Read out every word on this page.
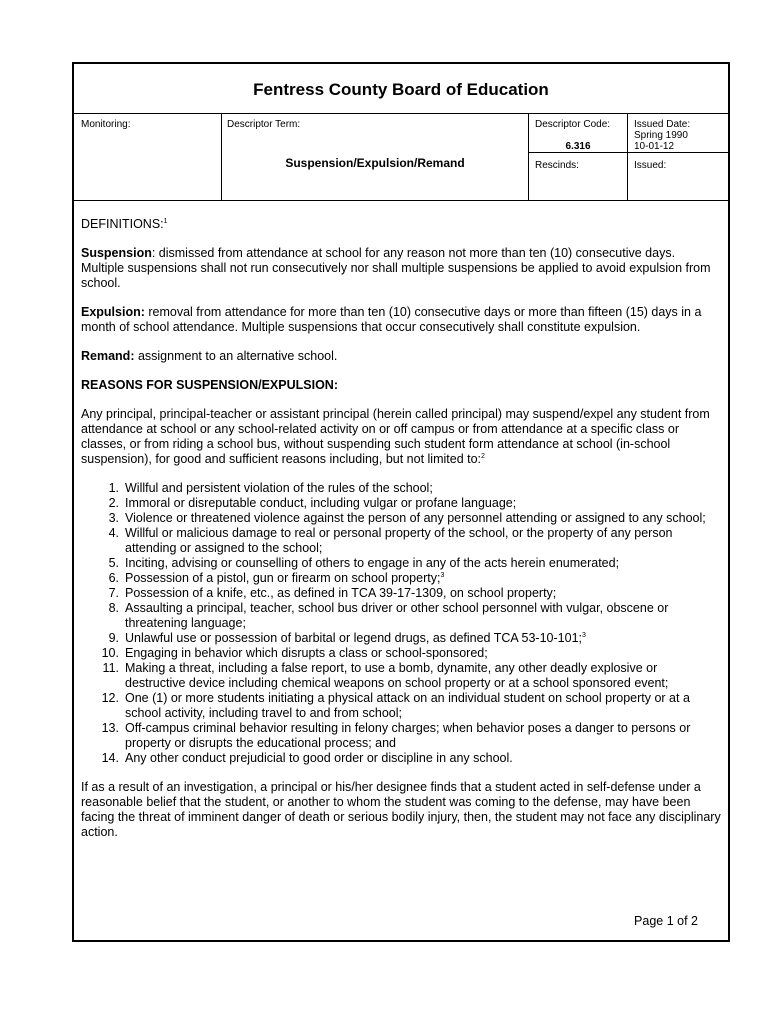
Fentress County Board of Education
Monitoring:	Descriptor Term:
Suspension/Expulsion/Remand
Descriptor Code:
6.316
Rescinds:
Issued Date:
Spring 1990
10-01-12
Issued:

DEFINITIONS:$^1$

Suspension: dismissed from attendance at school for any reason not more than ten (10) consecutive days. Multiple suspensions shall not run consecutively nor shall multiple suspensions be applied to avoid expulsion from school.

Expulsion: removal from attendance for more than ten (10) consecutive days or more than fifteen (15) days in a month of school attendance. Multiple suspensions that occur consecutively shall constitute expulsion.

Remand: assignment to an alternative school.

REASONS FOR SUSPENSION/EXPULSION:

Any principal, principal-teacher or assistant principal (herein called principal) may suspend/expel any student from attendance at school or any school-related activity on or off campus or from attendance at a specific class or classes, or from riding a school bus, without suspending such student form attendance at school (in-school suspension), for good and sufficient reasons including, but not limited to:$^2$

1. Willful and persistent violation of the rules of the school;
2. Immoral or disreputable conduct, including vulgar or profane language;
3. Violence or threatened violence against the person of any personnel attending or assigned to any school;
4. Willful or malicious damage to real or personal property of the school, or the property of any person attending or assigned to the school;
5. Inciting, advising or counselling of others to engage in any of the acts herein enumerated;
6. Possession of a pistol, gun or firearm on school property;$^3$
7. Possession of a knife, etc., as defined in TCA 39-17-1309, on school property;
8. Assaulting a principal, teacher, school bus driver or other school personnel with vulgar, obscene or threatening language;
9. Unlawful use or possession of barbital or legend drugs, as defined TCA 53-10-101;$^3$
10. Engaging in behavior which disrupts a class or school-sponsored;
11. Making a threat, including a false report, to use a bomb, dynamite, any other deadly explosive or destructive device including chemical weapons on school property or at a school sponsored event;
12. One (1) or more students initiating a physical attack on an individual student on school property or at a school activity, including travel to and from school;
13. Off-campus criminal behavior resulting in felony charges; when behavior poses a danger to persons or property or disrupts the educational process; and
14. Any other conduct prejudicial to good order or discipline in any school.

If as a result of an investigation, a principal or his/her designee finds that a student acted in self-defense under a reasonable belief that the student, or another to whom the student was coming to the defense, may have been facing the threat of imminent danger of death or serious bodily injury, then, the student may not face any disciplinary action.

Page 1 of 2
